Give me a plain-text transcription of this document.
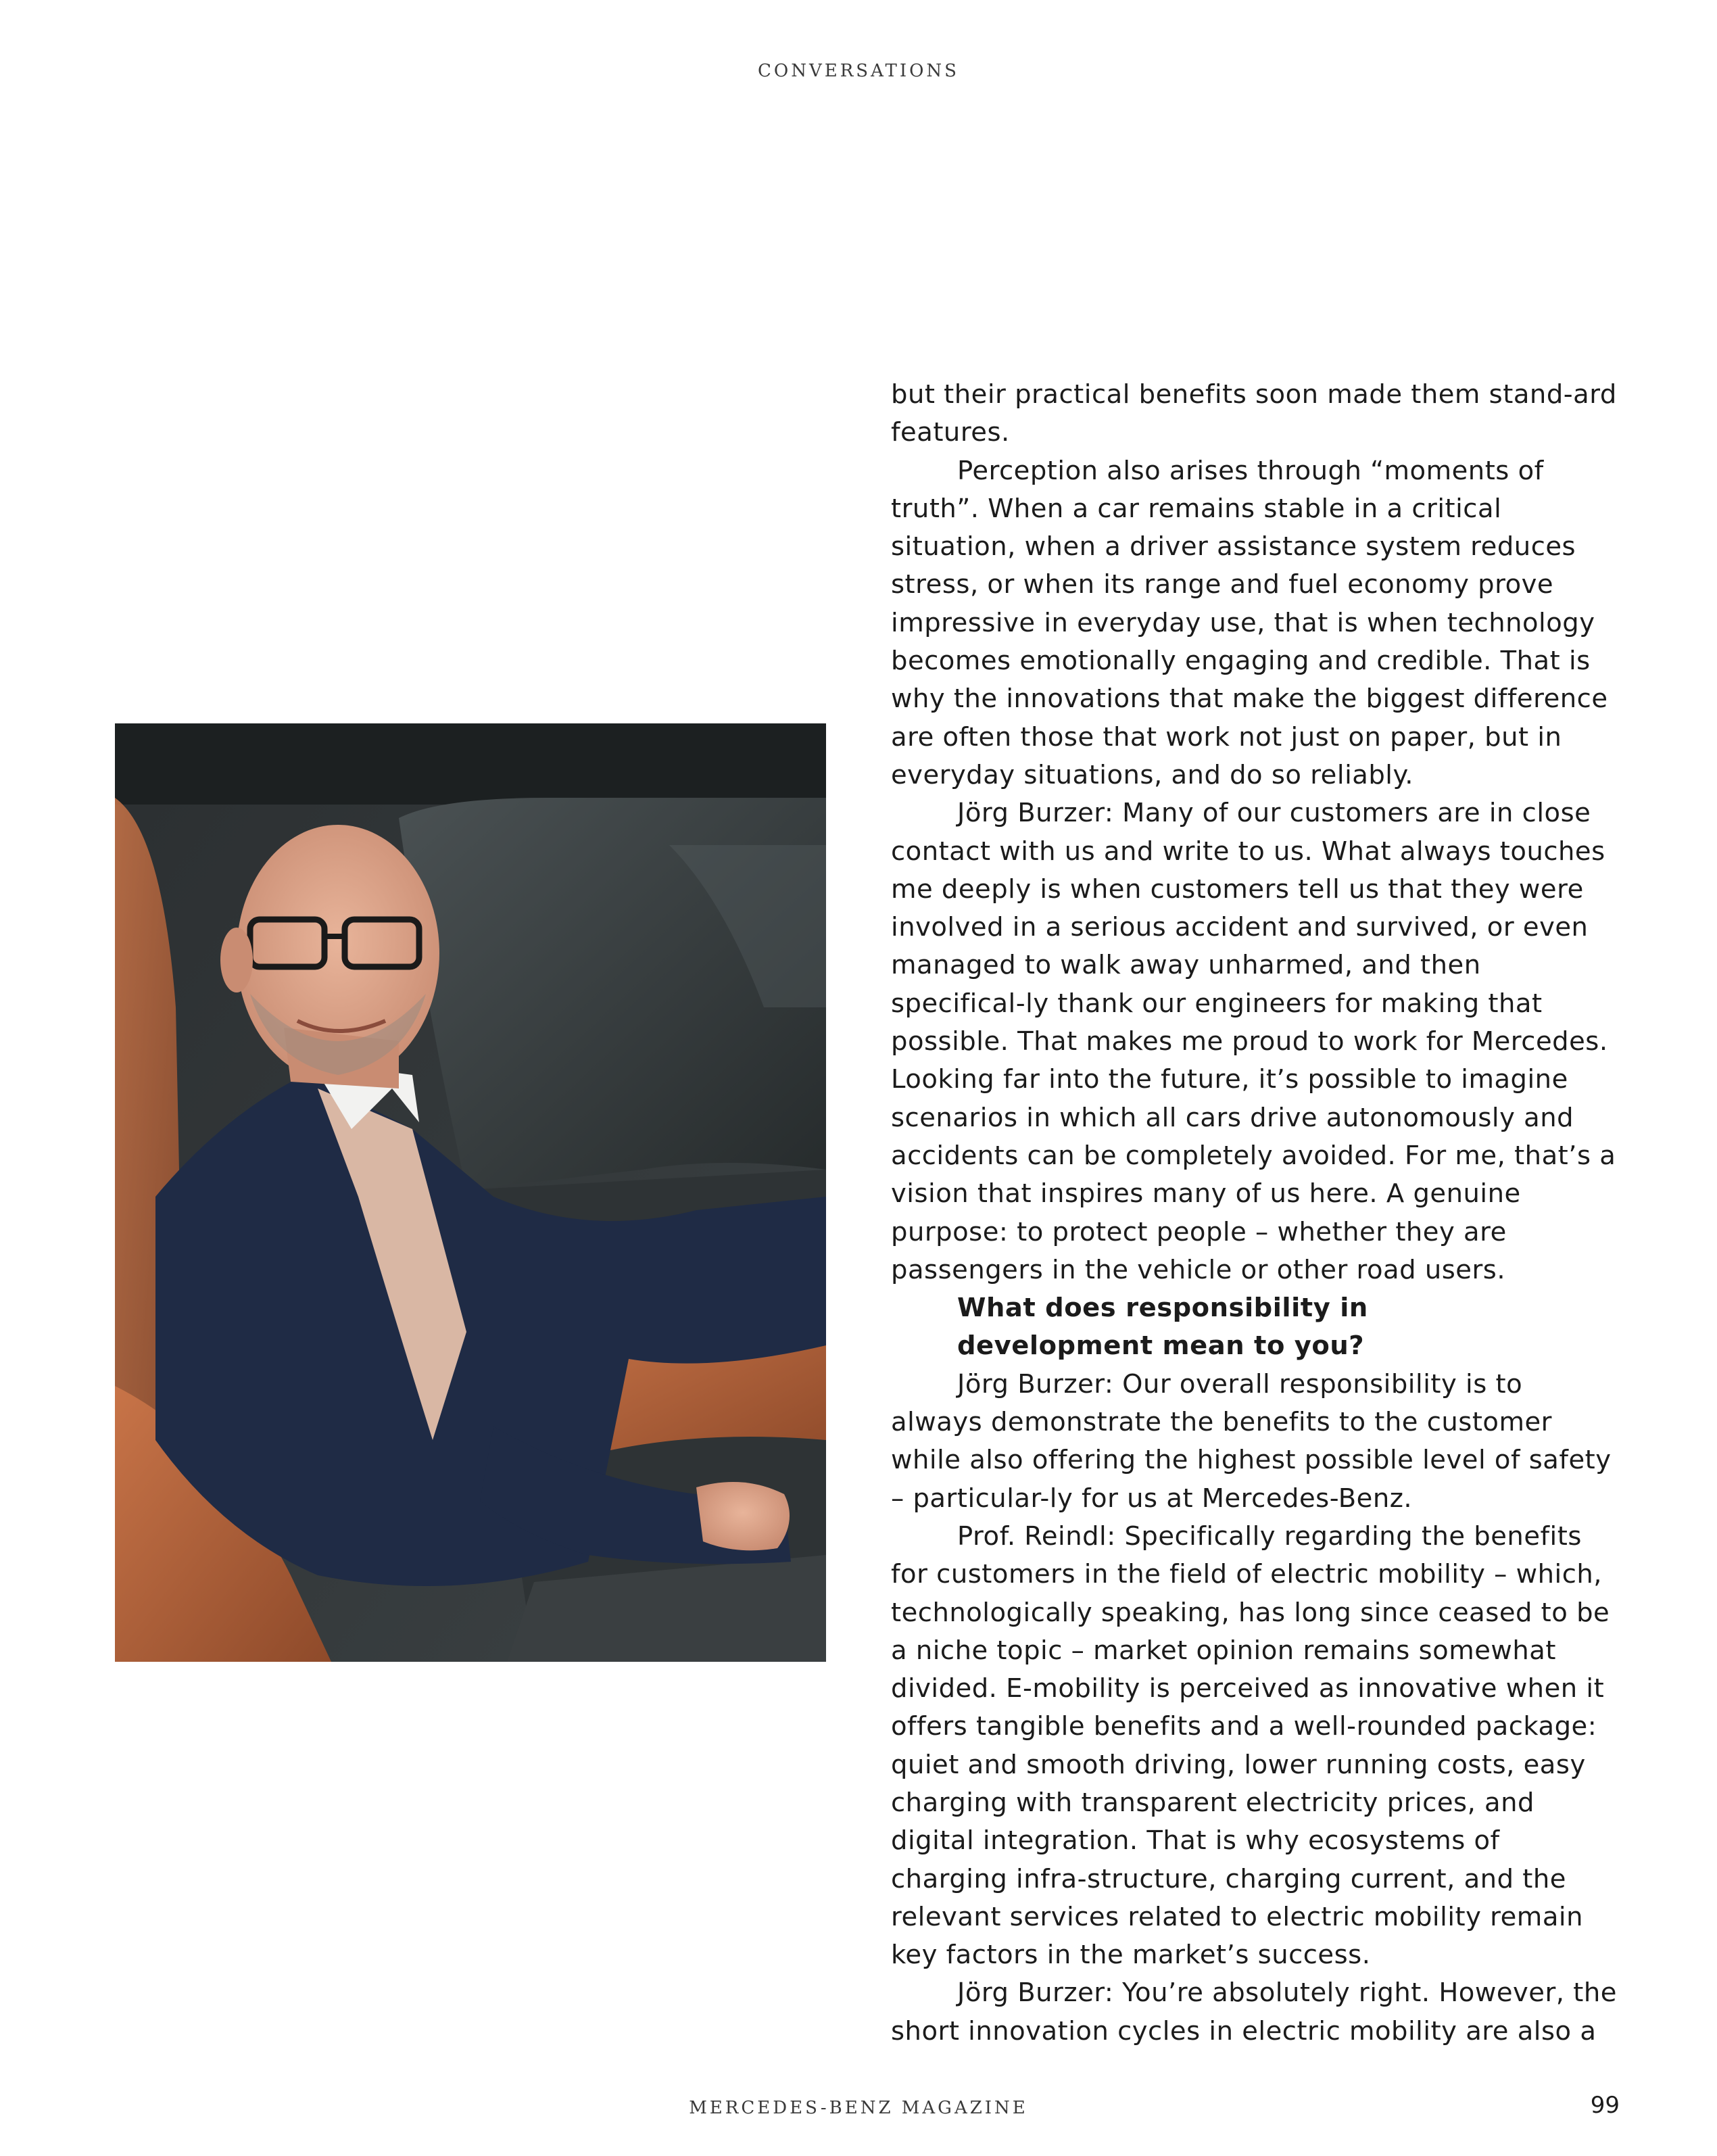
CONVERSATIONS

but their practical benefits soon made them stand-ard features.

Perception also arises through “moments of truth”. When a car remains stable in a critical situation, when a driver assistance system reduces stress, or when its range and fuel economy prove impressive in everyday use, that is when technology becomes emotionally engaging and credible. That is why the innovations that make the biggest difference are often those that work not just on paper, but in everyday situations, and do so reliably.

Jörg Burzer: Many of our customers are in close contact with us and write to us. What always touches me deeply is when customers tell us that they were involved in a serious accident and survived, or even managed to walk away unharmed, and then specifical-ly thank our engineers for making that possible. That makes me proud to work for Mercedes. Looking far into the future, it’s possible to imagine scenarios in which all cars drive autonomously and accidents can be completely avoided. For me, that’s a vision that inspires many of us here. A genuine purpose: to protect people – whether they are passengers in the vehicle or other road users.

What does responsibility in development mean to you?

Jörg Burzer: Our overall responsibility is to always demonstrate the benefits to the customer while also offering the highest possible level of safety – particular-ly for us at Mercedes-Benz.

Prof. Reindl: Specifically regarding the benefits for customers in the field of electric mobility – which, technologically speaking, has long since ceased to be a niche topic – market opinion remains somewhat divided. E-mobility is perceived as innovative when it offers tangible benefits and a well-rounded package: quiet and smooth driving, lower running costs, easy charging with transparent electricity prices, and digital integration. That is why ecosystems of charging infra-structure, charging current, and the relevant services related to electric mobility remain key factors in the market’s success.

Jörg Burzer: You’re absolutely right. However, the short innovation cycles in electric mobility are also a

MERCEDES-BENZ MAGAZINE	99
